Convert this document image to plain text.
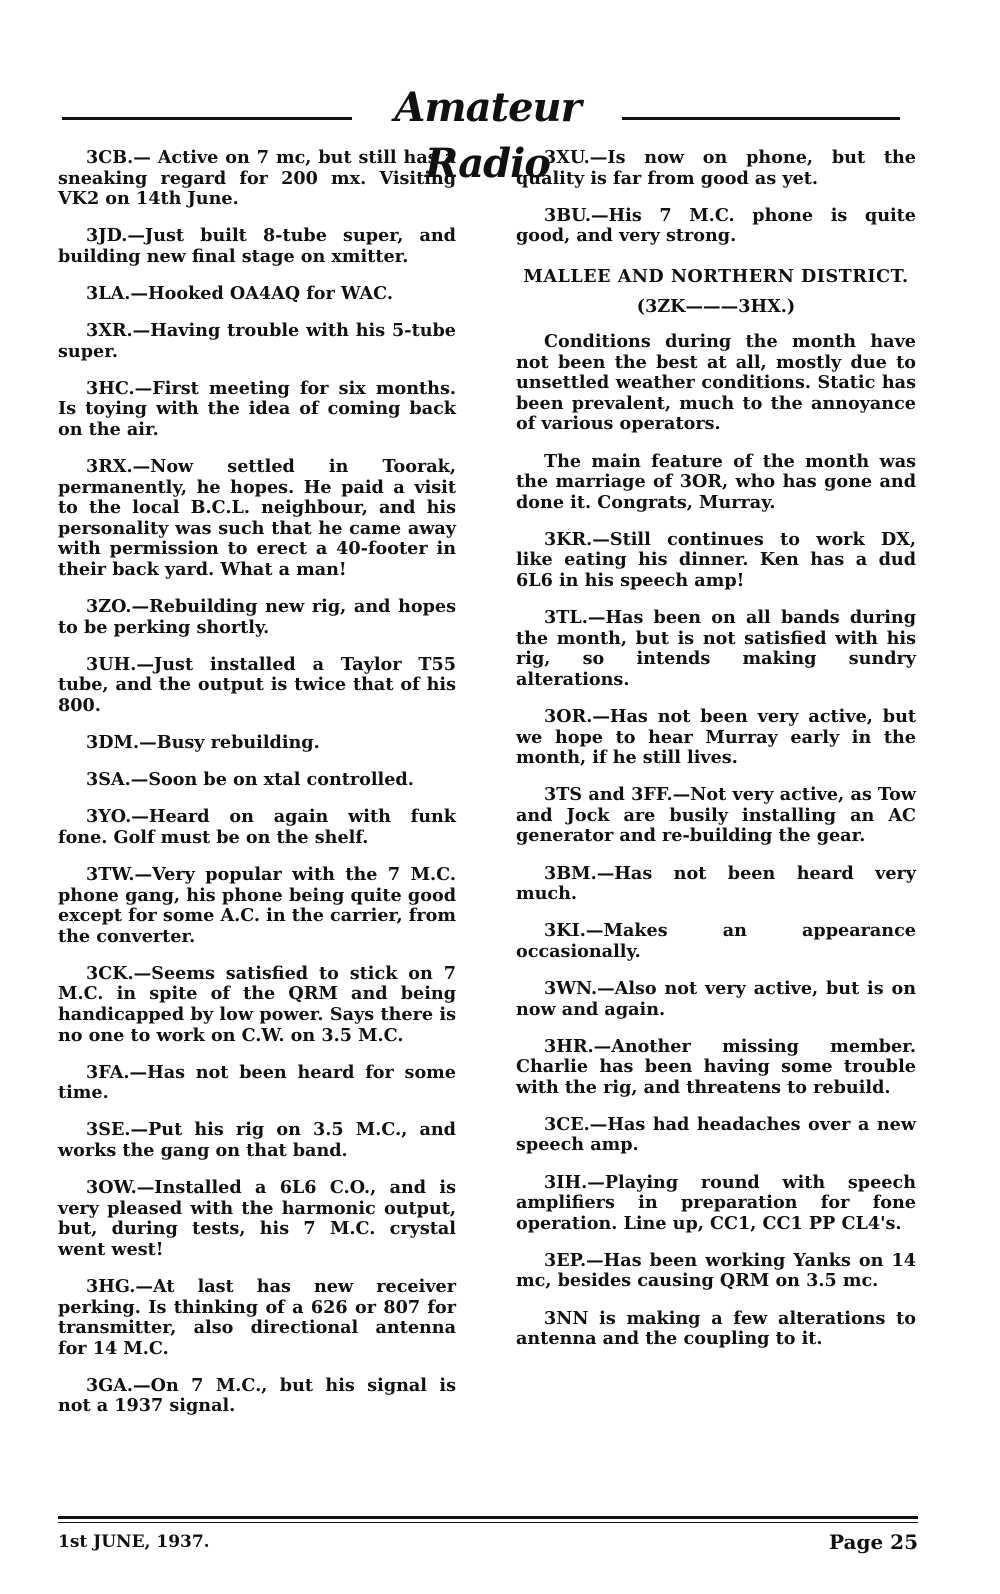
Amateur Radio

3CB.— Active on 7 mc, but still has a sneaking regard for 200 mx. Visiting VK2 on 14th June.

3JD.—Just built 8-tube super, and building new final stage on xmitter.

3LA.—Hooked OA4AQ for WAC.

3XR.—Having trouble with his 5-tube super.

3HC.—First meeting for six months. Is toying with the idea of coming back on the air.

3RX.—Now settled in Toorak, permanently, he hopes. He paid a visit to the local B.C.L. neighbour, and his personality was such that he came away with permission to erect a 40-footer in their back yard. What a man!

3ZO.—Rebuilding new rig, and hopes to be perking shortly.

3UH.—Just installed a Taylor T55 tube, and the output is twice that of his 800.

3DM.—Busy rebuilding.

3SA.—Soon be on xtal controlled.

3YO.—Heard on again with funk fone. Golf must be on the shelf.

3TW.—Very popular with the 7 M.C. phone gang, his phone being quite good except for some A.C. in the carrier, from the converter.

3CK.—Seems satisfied to stick on 7 M.C. in spite of the QRM and being handicapped by low power. Says there is no one to work on C.W. on 3.5 M.C.

3FA.—Has not been heard for some time.

3SE.—Put his rig on 3.5 M.C., and works the gang on that band.

3OW.—Installed a 6L6 C.O., and is very pleased with the harmonic output, but, during tests, his 7 M.C. crystal went west!

3HG.—At last has new receiver perking. Is thinking of a 626 or 807 for transmitter, also directional antenna for 14 M.C.

3GA.—On 7 M.C., but his signal is not a 1937 signal.

3XU.—Is now on phone, but the quality is far from good as yet.

3BU.—His 7 M.C. phone is quite good, and very strong.

MALLEE AND NORTHERN DISTRICT.

(3ZK———3HX.)

Conditions during the month have not been the best at all, mostly due to unsettled weather conditions. Static has been prevalent, much to the annoyance of various operators.

The main feature of the month was the marriage of 3OR, who has gone and done it. Congrats, Murray.

3KR.—Still continues to work DX, like eating his dinner. Ken has a dud 6L6 in his speech amp!

3TL.—Has been on all bands during the month, but is not satisfied with his rig, so intends making sundry alterations.

3OR.—Has not been very active, but we hope to hear Murray early in the month, if he still lives.

3TS and 3FF.—Not very active, as Tow and Jock are busily installing an AC generator and re-building the gear.

3BM.—Has not been heard very much.

3KI.—Makes an appearance occasionally.

3WN.—Also not very active, but is on now and again.

3HR.—Another missing member. Charlie has been having some trouble with the rig, and threatens to rebuild.

3CE.—Has had headaches over a new speech amp.

3IH.—Playing round with speech amplifiers in preparation for fone operation. Line up, CC1, CC1 PP CL4's.

3EP.—Has been working Yanks on 14 mc, besides causing QRM on 3.5 mc.

3NN is making a few alterations to antenna and the coupling to it.

1st JUNE, 1937.	Page 25
